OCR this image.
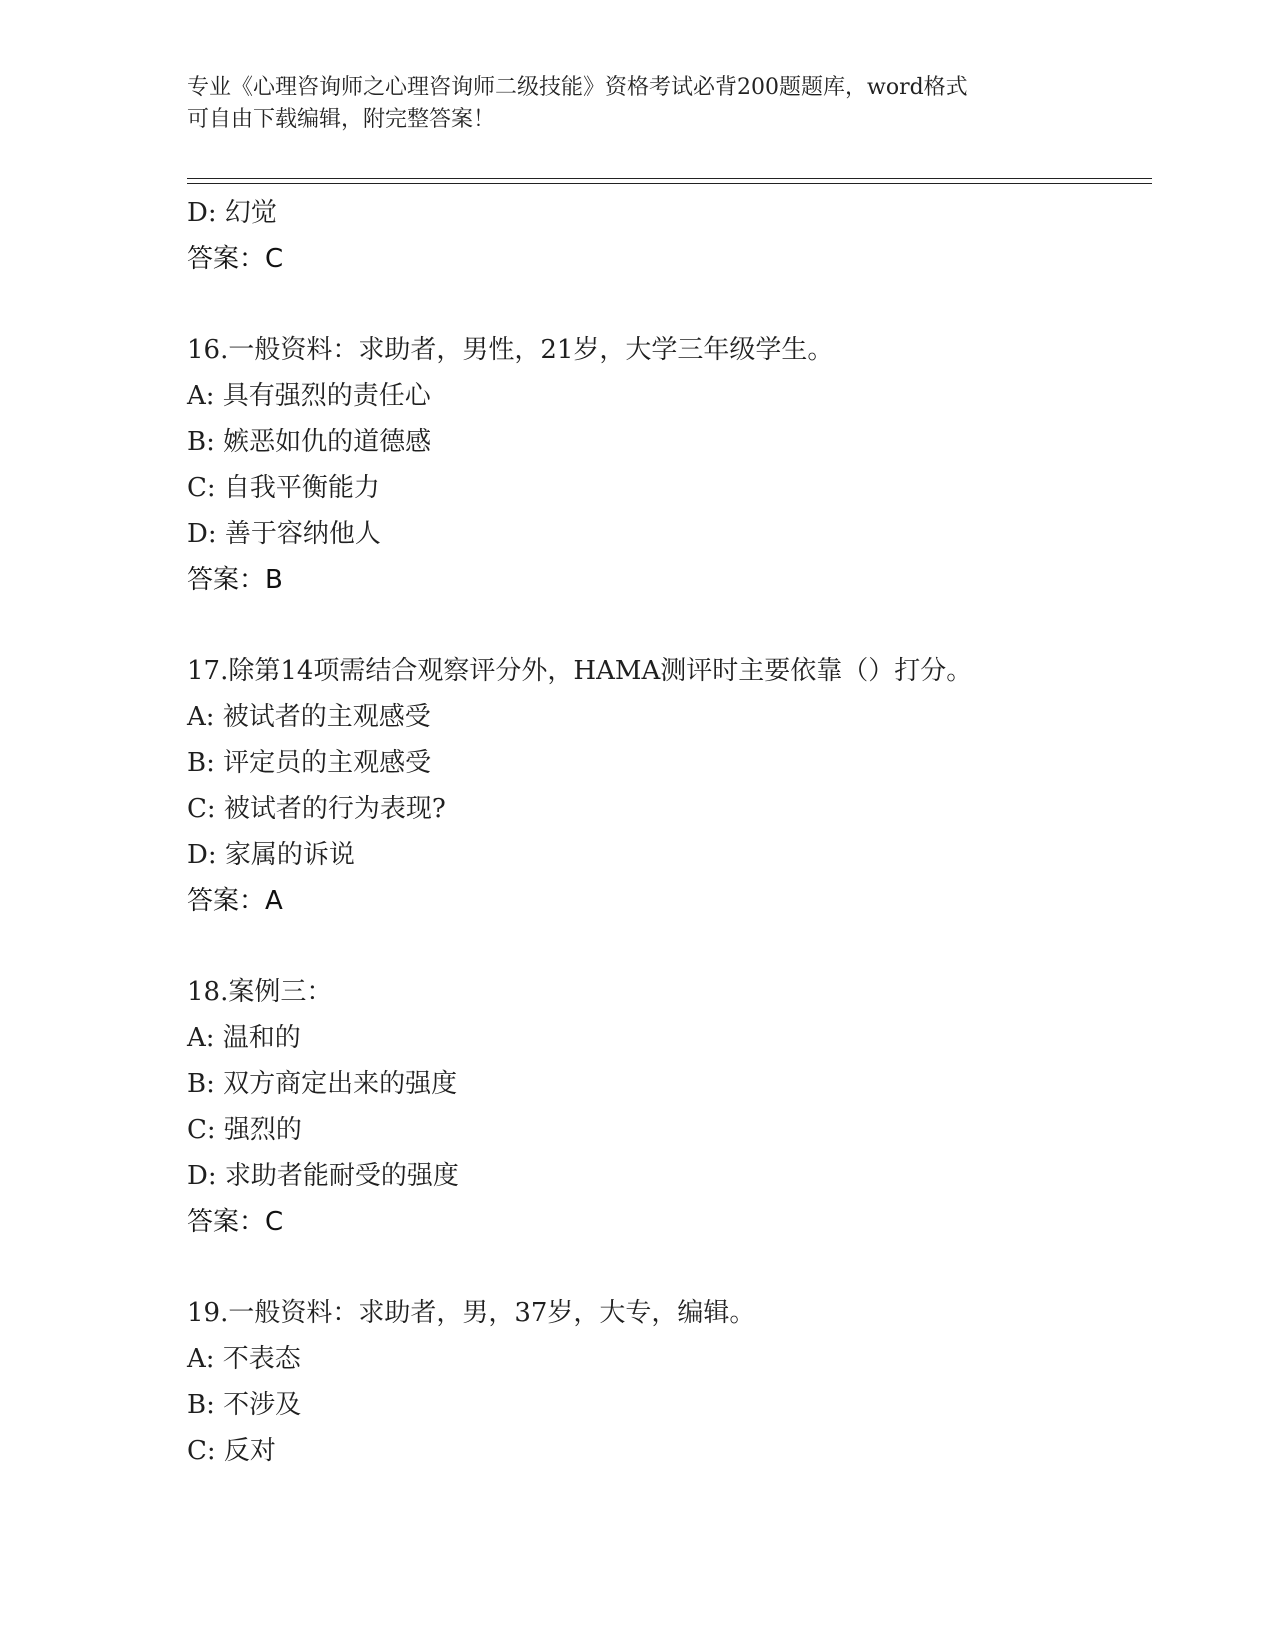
专业《心理咨询师之心理咨询师二级技能》资格考试必背200题题库，word格式
可自由下载编辑，附完整答案！
D: 幻觉
答案：C
16.一般资料：求助者，男性，21岁，大学三年级学生。
A: 具有强烈的责任心
B: 嫉恶如仇的道德感
C: 自我平衡能力
D: 善于容纳他人
答案：B
17.除第14项需结合观察评分外，HAMA测评时主要依靠（）打分。
A: 被试者的主观感受
B: 评定员的主观感受
C: 被试者的行为表现?
D: 家属的诉说
答案：A
18.案例三：
A: 温和的
B: 双方商定出来的强度
C: 强烈的
D: 求助者能耐受的强度
答案：C
19.一般资料：求助者，男，37岁，大专，编辑。
A: 不表态
B: 不涉及
C: 反对
